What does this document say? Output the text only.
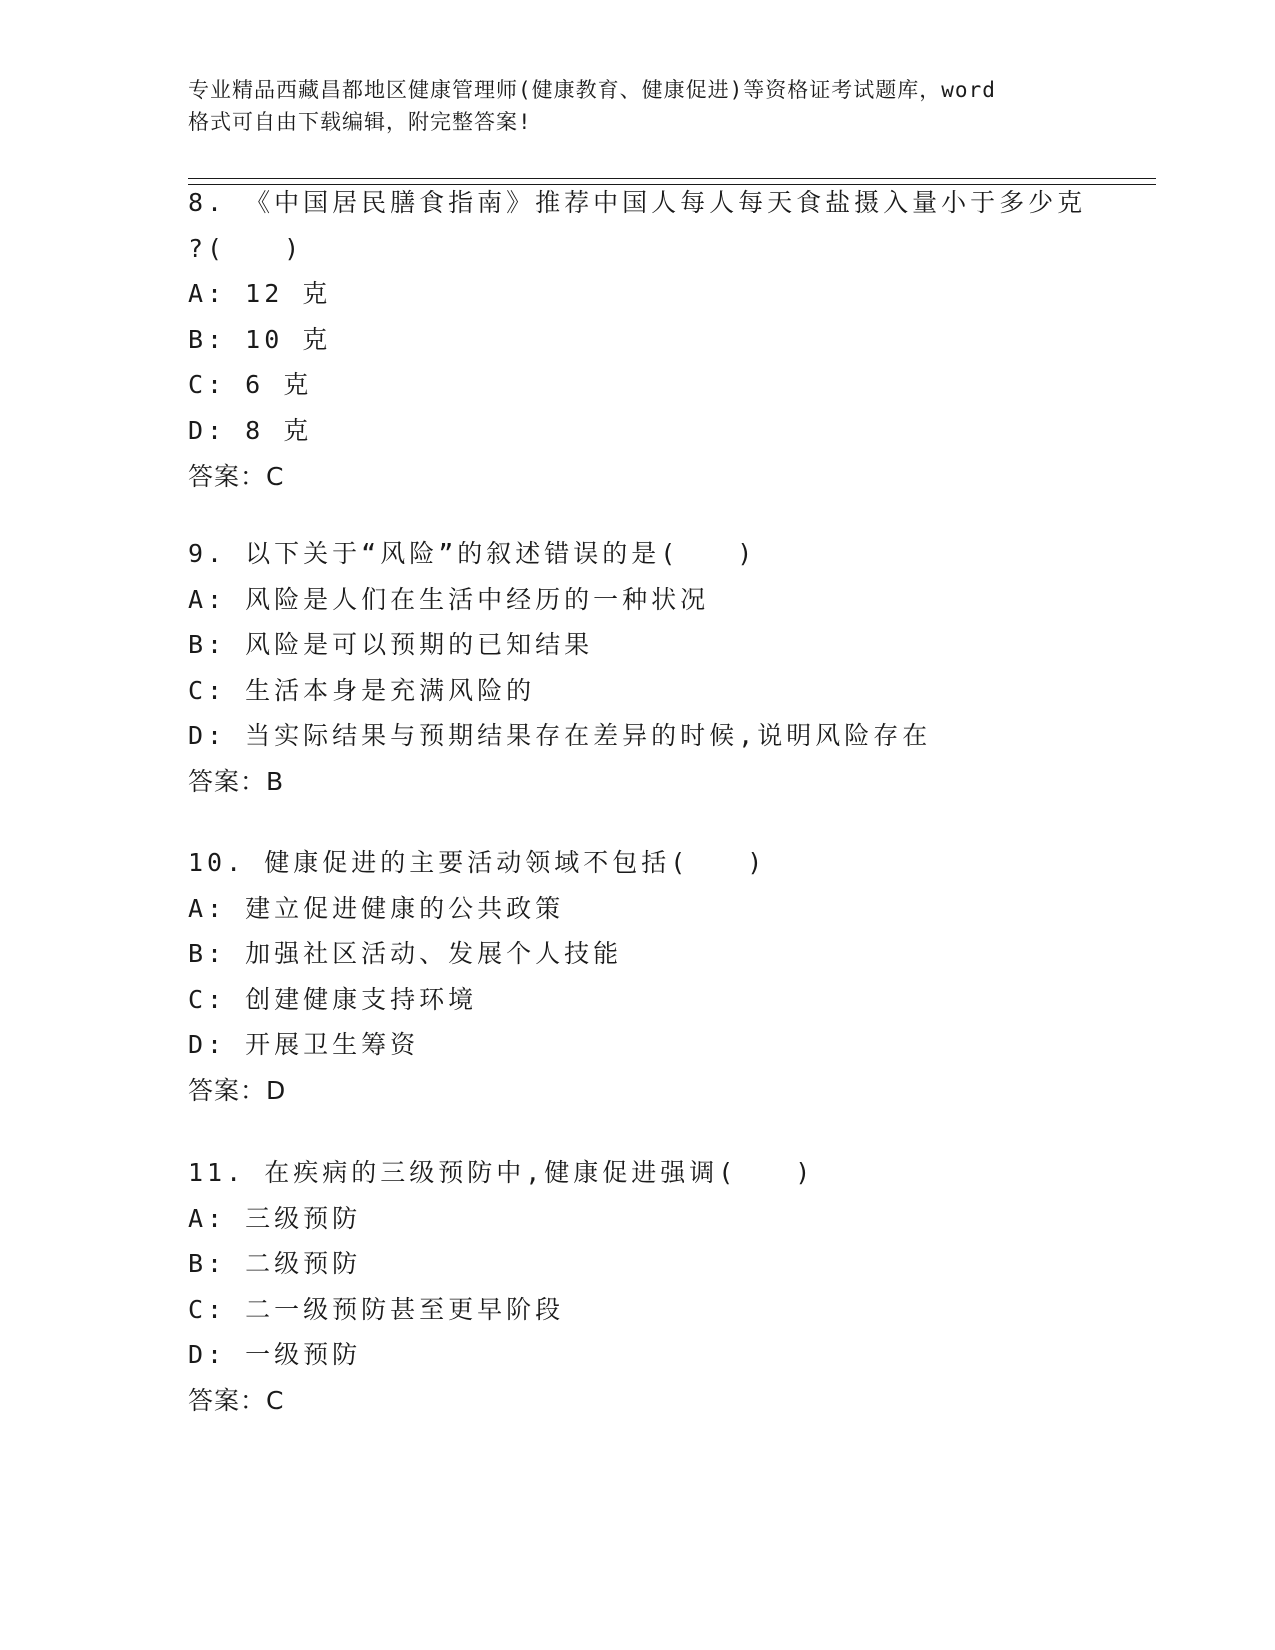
专业精品西藏昌都地区健康管理师(健康教育、健康促进)等资格证考试题库，word
格式可自由下载编辑，附完整答案!
8. 《中国居民膳食指南》推荐中国人每人每天食盐摄入量小于多少克
?(　　)
A: 12 克
B: 10 克
C: 6 克
D: 8 克
答案：C
9. 以下关于“风险”的叙述错误的是(　　)
A: 风险是人们在生活中经历的一种状况
B: 风险是可以预期的已知结果
C: 生活本身是充满风险的
D: 当实际结果与预期结果存在差异的时候,说明风险存在
答案：B
10. 健康促进的主要活动领域不包括(　　)
A: 建立促进健康的公共政策
B: 加强社区活动、发展个人技能
C: 创建健康支持环境
D: 开展卫生筹资
答案：D
11. 在疾病的三级预防中,健康促进强调(　　)
A: 三级预防
B: 二级预防
C: 二一级预防甚至更早阶段
D: 一级预防
答案：C
